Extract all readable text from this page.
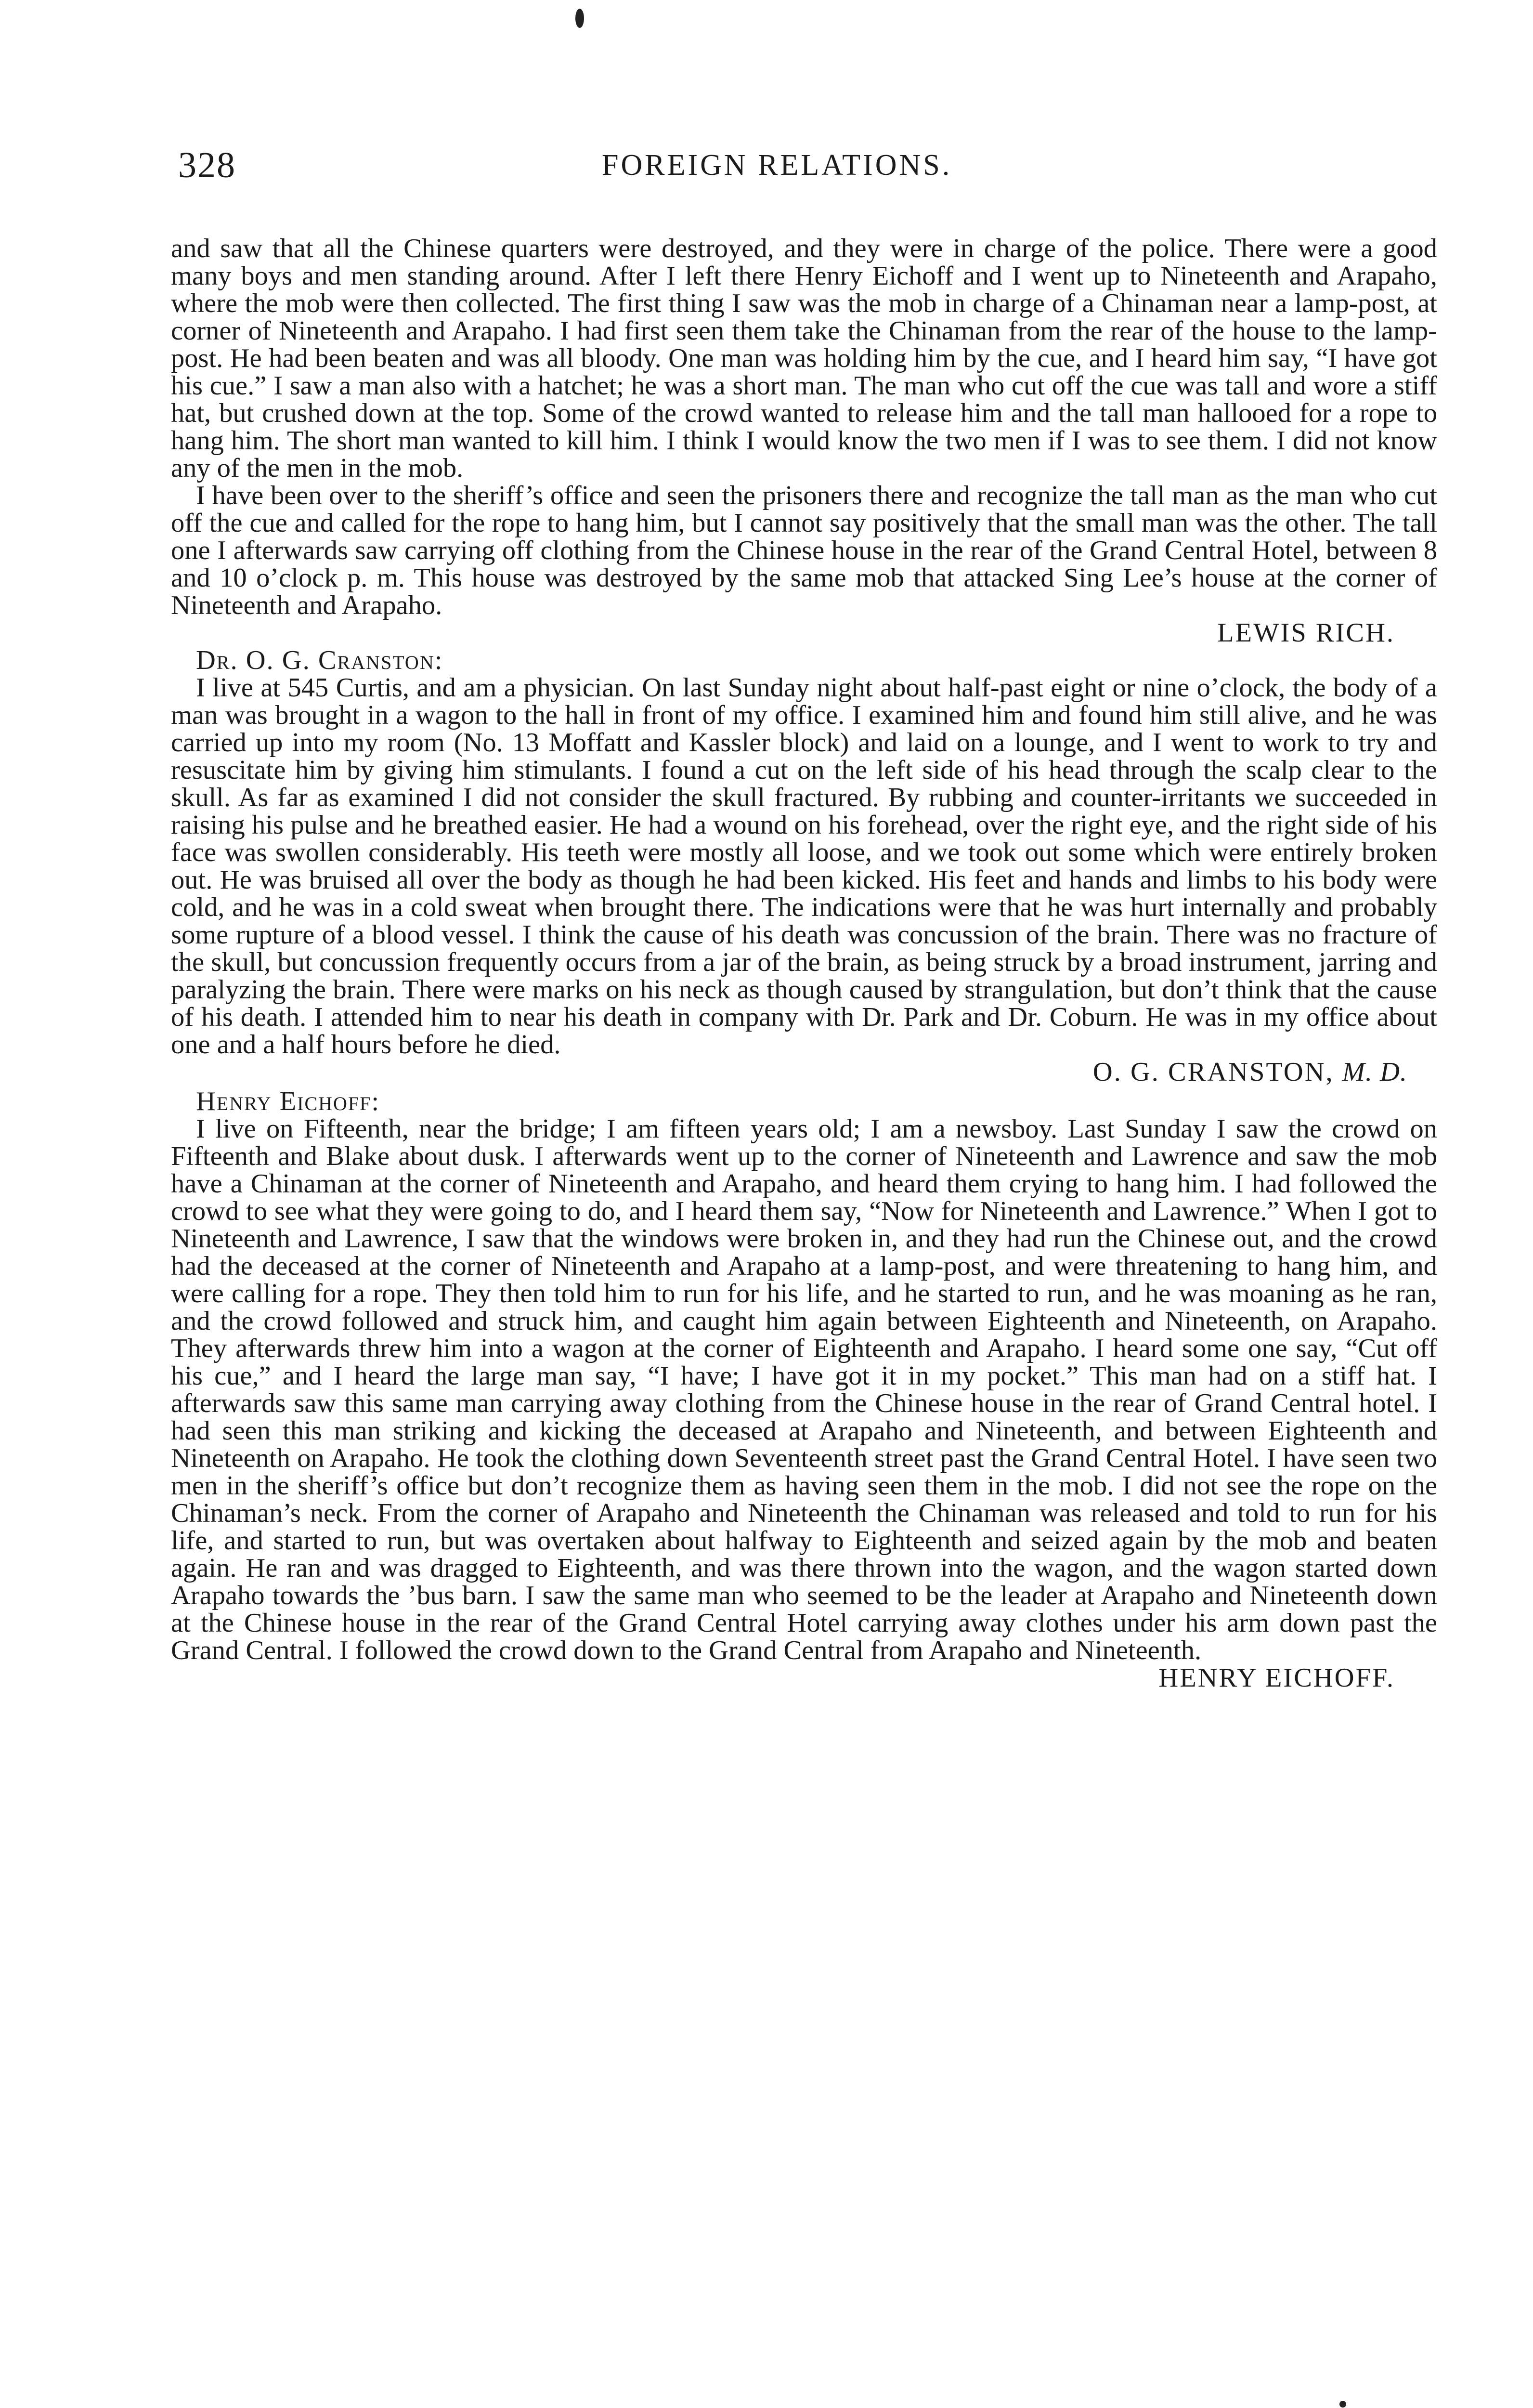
328	FOREIGN RELATIONS.

and saw that all the Chinese quarters were destroyed, and they were in charge of the police. There were a good many boys and men standing around. After I left there Henry Eichoff and I went up to Nineteenth and Arapaho, where the mob were then collected. The first thing I saw was the mob in charge of a Chinaman near a lamp-post, at corner of Nineteenth and Arapaho. I had first seen them take the Chinaman from the rear of the house to the lamp-post. He had been beaten and was all bloody. One man was holding him by the cue, and I heard him say, “I have got his cue.” I saw a man also with a hatchet; he was a short man. The man who cut off the cue was tall and wore a stiff hat, but crushed down at the top. Some of the crowd wanted to release him and the tall man hallooed for a rope to hang him. The short man wanted to kill him. I think I would know the two men if I was to see them. I did not know any of the men in the mob.

I have been over to the sheriff’s office and seen the prisoners there and recognize the tall man as the man who cut off the cue and called for the rope to hang him, but I cannot say positively that the small man was the other. The tall one I afterwards saw carrying off clothing from the Chinese house in the rear of the Grand Central Hotel, between 8 and 10 o’clock p. m. This house was destroyed by the same mob that attacked Sing Lee’s house at the corner of Nineteenth and Arapaho.

LEWIS RICH.

Dr. O. G. Cranston:

I live at 545 Curtis, and am a physician. On last Sunday night about half-past eight or nine o’clock, the body of a man was brought in a wagon to the hall in front of my office. I examined him and found him still alive, and he was carried up into my room (No. 13 Moffatt and Kassler block) and laid on a lounge, and I went to work to try and resuscitate him by giving him stimulants. I found a cut on the left side of his head through the scalp clear to the skull. As far as examined I did not consider the skull fractured. By rubbing and counter-irritants we succeeded in raising his pulse and he breathed easier. He had a wound on his forehead, over the right eye, and the right side of his face was swollen considerably. His teeth were mostly all loose, and we took out some which were entirely broken out. He was bruised all over the body as though he had been kicked. His feet and hands and limbs to his body were cold, and he was in a cold sweat when brought there. The indications were that he was hurt internally and probably some rupture of a blood vessel. I think the cause of his death was concussion of the brain. There was no fracture of the skull, but concussion frequently occurs from a jar of the brain, as being struck by a broad instrument, jarring and paralyzing the brain. There were marks on his neck as though caused by strangulation, but don’t think that the cause of his death. I attended him to near his death in company with Dr. Park and Dr. Coburn. He was in my office about one and a half hours before he died.

O. G. CRANSTON, M. D.

Henry Eichoff:

I live on Fifteenth, near the bridge; I am fifteen years old; I am a newsboy. Last Sunday I saw the crowd on Fifteenth and Blake about dusk. I afterwards went up to the corner of Nineteenth and Lawrence and saw the mob have a Chinaman at the corner of Nineteenth and Arapaho, and heard them crying to hang him. I had followed the crowd to see what they were going to do, and I heard them say, “Now for Nineteenth and Lawrence.” When I got to Nineteenth and Lawrence, I saw that the windows were broken in, and they had run the Chinese out, and the crowd had the deceased at the corner of Nineteenth and Arapaho at a lamp-post, and were threatening to hang him, and were calling for a rope. They then told him to run for his life, and he started to run, and he was moaning as he ran, and the crowd followed and struck him, and caught him again between Eighteenth and Nineteenth, on Arapaho. They afterwards threw him into a wagon at the corner of Eighteenth and Arapaho. I heard some one say, “Cut off his cue,” and I heard the large man say, “I have; I have got it in my pocket.” This man had on a stiff hat. I afterwards saw this same man carrying away clothing from the Chinese house in the rear of Grand Central hotel. I had seen this man striking and kicking the deceased at Arapaho and Nineteenth, and between Eighteenth and Nineteenth on Arapaho. He took the clothing down Seventeenth street past the Grand Central Hotel. I have seen two men in the sheriff’s office but don’t recognize them as having seen them in the mob. I did not see the rope on the Chinaman’s neck. From the corner of Arapaho and Nineteenth the Chinaman was released and told to run for his life, and started to run, but was overtaken about halfway to Eighteenth and seized again by the mob and beaten again. He ran and was dragged to Eighteenth, and was there thrown into the wagon, and the wagon started down Arapaho towards the ’bus barn. I saw the same man who seemed to be the leader at Arapaho and Nineteenth down at the Chinese house in the rear of the Grand Central Hotel carrying away clothes under his arm down past the Grand Central. I followed the crowd down to the Grand Central from Arapaho and Nineteenth.

HENRY EICHOFF.
